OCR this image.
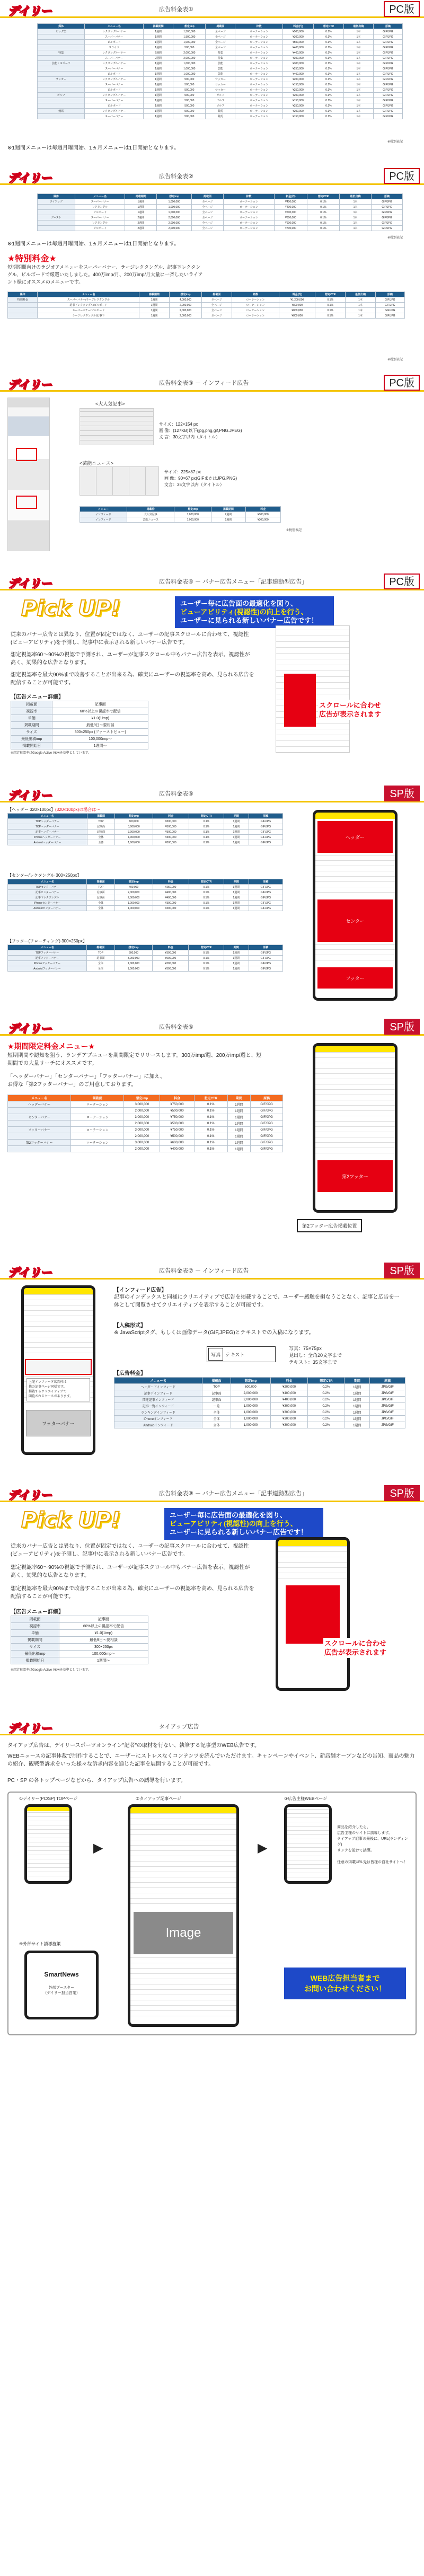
デイリー	広告料金表①	PC版
媒体	メニュー名	掲載期間	想定imp	掲載面	枠数	料金(円)	想定CTR	最低出稿	原稿
ビッグ型	レクタングルバナー	1週間	1,500,000	全ページ	ローテーション	¥500,000	0.1%	1本	GIF/JPG
	スーパーバナー	1週間	1,500,000	全ページ	ローテーション	¥300,000	0.1%	1本	GIF/JPG
	ビルボード	1週間	1,000,000	全ページ	ローテーション	¥500,000	0.1%	1本	GIF/JPG
	スライド	1週間	500,000	全ページ	ローテーション	¥400,000	0.1%	1本	GIF/JPG
特集	レクタングルバナー	2週間	2,000,000	特集	ローテーション	¥400,000	0.1%	1本	GIF/JPG
	スーパーバナー	2週間	2,000,000	特集	ローテーション	¥300,000	0.1%	1本	GIF/JPG
芸能・スポーツ	レクタングルバナー	1週間	1,000,000	芸能	ローテーション	¥300,000	0.1%	1本	GIF/JPG
	スーパーバナー	1週間	1,000,000	芸能	ローテーション	¥250,000	0.1%	1本	GIF/JPG
	ビルボード	1週間	1,000,000	芸能	ローテーション	¥400,000	0.1%	1本	GIF/JPG
サッカー	レクタングルバナー	1週間	500,000	サッカー	ローテーション	¥200,000	0.1%	1本	GIF/JPG
	スーパーバナー	1週間	500,000	サッカー	ローテーション	¥150,000	0.1%	1本	GIF/JPG
	ビルボード	1週間	500,000	サッカー	ローテーション	¥250,000	0.1%	1本	GIF/JPG
ゴルフ	レクタングルバナー	1週間	500,000	ゴルフ	ローテーション	¥200,000	0.1%	1本	GIF/JPG
	スーパーバナー	1週間	500,000	ゴルフ	ローテーション	¥150,000	0.1%	1本	GIF/JPG
	ビルボード	1週間	500,000	ゴルフ	ローテーション	¥250,000	0.1%	1本	GIF/JPG
競馬	レクタングルバナー	1週間	500,000	競馬	ローテーション	¥200,000	0.1%	1本	GIF/JPG
	スーパーバナー	1週間	500,000	競馬	ローテーション	¥150,000	0.1%	1本	GIF/JPG
※1週間メニューは毎週月曜開始、1ヵ月メニューは1日開始となります。
※税別表記
デイリー	広告料金表②	PC版
媒体	メニュー名	掲載期間	想定imp	掲載面	枠数	料金(円)	想定CTR	最低出稿	原稿
タイアップ	スーパーバナー	1週間	1,000,000	全ページ	ローテーション	¥400,000	0.1%	1本	GIF/JPG
	レクタングル	1週間	1,000,000	全ページ	ローテーション	¥400,000	0.1%	1本	GIF/JPG
	ビルボード	1週間	1,000,000	全ページ	ローテーション	¥500,000	0.1%	1本	GIF/JPG
ブースト	スーパーバナー	2週間	2,000,000	全ページ	ローテーション	¥600,000	0.1%	1本	GIF/JPG
	レクタングル	2週間	2,000,000	全ページ	ローテーション	¥600,000	0.1%	1本	GIF/JPG
	ビルボード	2週間	2,000,000	全ページ	ローテーション	¥700,000	0.1%	1本	GIF/JPG
※税別表記
※1週間メニューは毎週月曜開始、1ヵ月メニューは1日開始となります。
★特別料金★
短期期間向けのラジオアメニューをスーパーバナー、ラージレクタングル、記事下レクタングル、ビルボードで厳選いたしました。400万imp/月、200万imp/月大量に一斉したいライアント様にオススメのメニューです。
媒体	メニュー名	掲載期間	想定imp	掲載面	枠数	料金(円)	想定CTR	最低出稿	原稿
特別料金	スーパーバナー/ラージレクタングル	1週間	4,000,000	全ページ	ローテーション	¥1,200,000	0.1%	1本	GIF/JPG
	記事下レクタングル/ビルボード	1週間	2,000,000	全ページ	ローテーション	¥800,000	0.1%	1本	GIF/JPG
	スーパーバナー/ビルボード	1週間	2,000,000	全ページ	ローテーション	¥800,000	0.1%	1本	GIF/JPG
	ラージレクタングル/記事下	1週間	2,000,000	全ページ	ローテーション	¥800,000	0.1%	1本	GIF/JPG
※税別表記
デイリー	広告料金表③ － インフィード広告	PC版
<大人気記事>
サイズ：122×154 px
画 像：(127KB)以下(jpg,png,gif,PNG.JPEG)
文 言：30文字以内（タイトル）
<芸能ニュース>
サイズ：225×87 px
画 像：90×67 px(GIFまたはJPG,PNG)
文言：35文字以内（タイトル）
メニュー	掲載枠	想定imp	掲載期間	料金
インフィード	大人気記事	1,000,000	2週間	¥300,000
インフィード	芸能ニュース	1,000,000	2週間	¥300,000
※税別表記
デイリー	広告料金表④ － バナー広告メニュー「記事連動型広告」	PC版
Pick UP!	ユーザー毎に広告面の最適化を図り、
ビューアビリティ(視認性)の向上を行う、
ユーザーに見られる新しいバナー広告です！
従来のバナー広告とは異なり、位置が固定ではなく、ユーザーの記事スクロールに合わせて、視認性(ビューアビリティ)を予測し、記事中に表示される新しいバナー広告です。
想定視認率60～90%の視認で予測され、ユーザーが記事スクロール中もバナー広告を表示。視認性が高く、効果的な広告となります。
想定視認率を最大90%まで改善することが出来る為、確実にユーザーの視認率を高め、見られる広告を配信することが可能です。
【広告メニュー詳細】
掲載面	記事面
視認率	60%以上の視認率で配信
単価	¥1.0(1imp)
掲載期間	最低9日～要相談
サイズ	300×250px (ファーストビュー)
最低出稿imp	100,000imp～
掲載開始日	1週間～
※想定視認率はGoogle Active Viewを基準としています。
スクロールに合わせ
広告が表示されます
デイリー	広告料金表⑤	SP版
【ヘッダー 320×100px】(320×100px)の場合は～
メニュー名	掲載面	想定imp	料金	想定CTR	期間	原稿
TOPヘッダーバナー	TOP	600,000	¥300,000	0.1%	1週間	GIF/JPG
TOPヘッダーバナー	記事面	3,000,000	¥500,000	0.1%	1週間	GIF/JPG
記事ヘッダーバナー	記事面	3,000,000	¥500,000	0.1%	1週間	GIF/JPG
iPhoneヘッダーバナー	全体	1,000,000	¥300,000	0.1%	1週間	GIF/JPG
Androidヘッダーバナー	全体	1,000,000	¥300,000	0.1%	1週間	GIF/JPG
【センター/レクタングル 300×250px】
メニュー名	掲載面	想定imp	料金	想定CTR	期間	原稿
TOPセンターバナー	TOP	400,000	¥250,000	0.1%	1週間	GIF/JPG
記事センターバナー	記事面	2,000,000	¥400,000	0.1%	1週間	GIF/JPG
記事下レクタングル	記事面	2,000,000	¥400,000	0.1%	1週間	GIF/JPG
iPhoneセンターバナー	全体	1,000,000	¥300,000	0.1%	1週間	GIF/JPG
Androidセンターバナー	全体	1,000,000	¥300,000	0.1%	1週間	GIF/JPG
【フッター(フローティング) 300×250px】
メニュー名	掲載面	想定imp	料金	想定CTR	期間	原稿
TOPフッターバナー	TOP	600,000	¥300,000	0.1%	1週間	GIF/JPG
記事フッターバナー	記事面	3,000,000	¥500,000	0.1%	1週間	GIF/JPG
iPhoneフッターバナー	全体	1,000,000	¥300,000	0.1%	1週間	GIF/JPG
Androidフッターバナー	全体	1,000,000	¥300,000	0.1%	1週間	GIF/JPG
ヘッダー
センター
フッター
デイリー	広告料金表⑥	SP版
★期間限定料金メニュー★
短期期間や認知を狙う、ランデアプニューを期間限定でリリースします。300万imp/週、200万imp/週と、短期間での大量リーチにオススメです。
「ヘッダーバナー」「センターバナー」「フッターバナー」に加え、
お得な「第2フッターバナー」のご用意しております。
メニュー名	掲載面	想定imp	料金	想定CTR	期間	原稿
ヘッダーバナー	ローテーション	3,000,000	¥750,000	0.1%	1週間	GIF/JPG
		2,000,000	¥500,000	0.1%	1週間	GIF/JPG
センターバナー	ローテーション	3,000,000	¥750,000	0.1%	1週間	GIF/JPG
		2,000,000	¥500,000	0.1%	1週間	GIF/JPG
フッターバナー	ローテーション	3,000,000	¥750,000	0.1%	1週間	GIF/JPG
		2,000,000	¥500,000	0.1%	1週間	GIF/JPG
第2フッターバナー	ローテーション	3,000,000	¥600,000	0.1%	1週間	GIF/JPG
		2,000,000	¥400,000	0.1%	1週間	GIF/JPG
第2フッター
第2フッター広告掲載位置
デイリー	広告料金表⑦ － インフィード広告	SP版
フッターバナー
上記インフィード広告枠は
他の記事ページ同様です。
掲載するクリエイティブで
閲覧されるケースがあります。
【インフィード広告】
記事のインデックスと同様にクリエイティブで広告を掲載することで、ユーザー感触を損なうことなく、記事と広告を一体として閲覧させてクリエイティブを表示することが可能です。
【入稿形式】
※ JavaScriptタグ、もしくは画像データ(GIF,JPEG)とテキストでの入稿になります。
写真 テキスト
写真：75×75px
見出し：全角20文字まで
テキスト：35文字まで
【広告料金】
メニュー名	掲載面	想定imp	料金	想定CTR	期間	原稿
ヘッダー下インフィード	TOP	600,000	¥200,000	0.2%	1週間	JPG/GIF
記事下インフィード	記事面	2,000,000	¥400,000	0.2%	1週間	JPG/GIF
関連記事インフィード	記事面	2,000,000	¥400,000	0.2%	1週間	JPG/GIF
記事一覧インフィード	一覧	1,000,000	¥300,000	0.2%	1週間	JPG/GIF
ランキングインフィード	全体	1,000,000	¥300,000	0.2%	1週間	JPG/GIF
iPhoneインフィード	全体	1,000,000	¥300,000	0.2%	1週間	JPG/GIF
Androidインフィード	全体	1,000,000	¥300,000	0.2%	1週間	JPG/GIF
デイリー	広告料金表⑧ － バナー広告メニュー「記事連動型広告」	SP版
Pick UP!	ユーザー毎に広告面の最適化を図り、
ビューアビリティ(視認性)の向上を行う、
ユーザーに見られる新しいバナー広告です！
従来のバナー広告とは異なり、位置が固定ではなく、ユーザーの記事スクロールに合わせて、視認性(ビューアビリティ)を予測し、記事中に表示される新しいバナー広告です。
想定視認率60～90%の視認で予測され、ユーザーが記事スクロール中もバナー広告を表示。視認性が高く、効果的な広告となります。
想定視認率を最大90%まで改善することが出来る為、確実にユーザーの視認率を高め、見られる広告を配信することが可能です。
【広告メニュー詳細】
掲載面	記事面
視認率	60%以上の視認率で配信
単価	¥1.0(1imp)
掲載期間	最低9日～要相談
サイズ	300×250px
最低出稿imp	100,000imp～
掲載開始日	1週間～
※想定視認率はGoogle Active Viewを基準としています。
スクロールに合わせ
広告が表示されます
デイリー	タイアップ広告
タイアップ広告は、デイリースポーツオンライン"記者"の取材を行ない、執筆する記事型のWEB広告です。
WEBニュースの記事体裁で制作することで、ユーザーにストレスなくコンテンツを読んでいただけます。キャンペーンやイベント、新店舗オープンなどの告知、商品の魅力の紹介、観戦型訴求をいった様々な訴求内容を通じた記事を展開することが可能です。
PC・SP の各トップページなどから、タイアップ広告への誘導を行います。
①デイリー(PC/SP) TOPページ
▶
②タイアップ記事ページ
Image
▶
③広告主様WEBページ
商品を紹介したら、
広告主様のサイトに誘導します。
タイアップ記事の最後に、URL(ランディング)
リンクを設けて誘導。

任意の掲載URL先は皆様の自社サイトへ！
④外部サイト誘導施策
SmartNews
外部ブースター
（デイリー担当営業）
WEB広告担当者まで
お問い合わせください！
